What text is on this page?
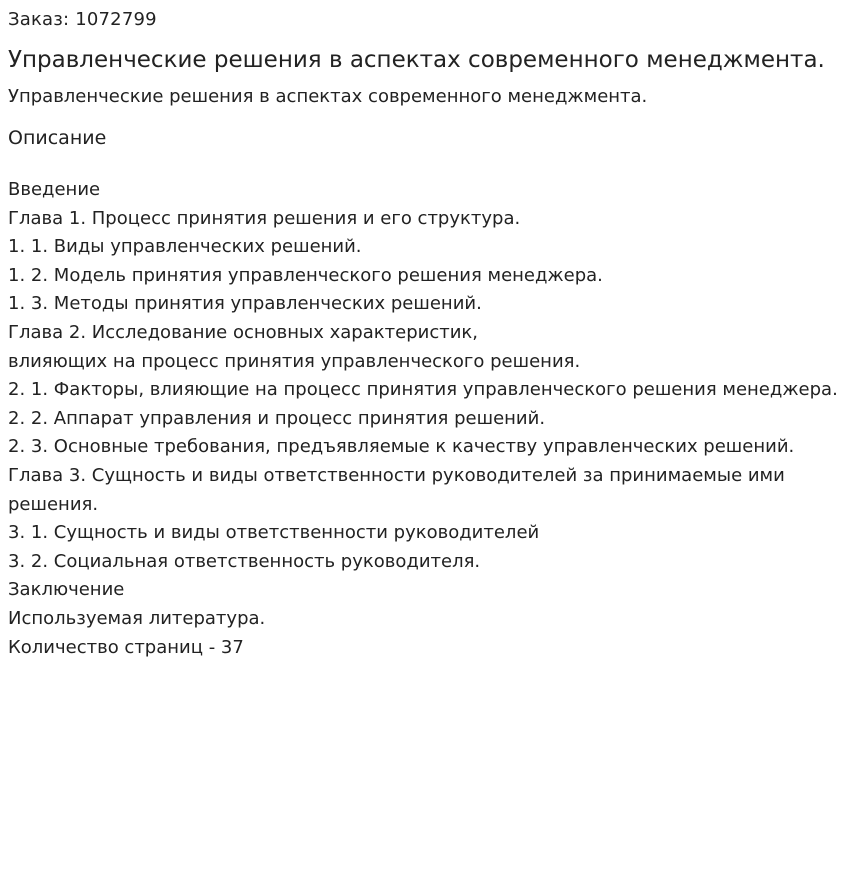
Заказ: 1072799
Управленческие решения в аспектах современного менеджмента.
Управленческие решения в аспектах современного менеджмента.
Описание
Введение
Глава 1. Процесс принятия решения и его структура.
1. 1. Виды управленческих решений.
1. 2. Модель принятия управленческого решения менеджера.
1. 3. Методы принятия управленческих решений.
Глава 2. Исследование основных характеристик,
влияющих на процесс принятия управленческого решения.
2. 1. Факторы, влияющие на процесс принятия управленческого решения менеджера.
2. 2. Аппарат управления и процесс принятия решений.
2. 3. Основные требования, предъявляемые к качеству управленческих решений.
Глава 3. Сущность и виды ответственности руководителей за принимаемые ими решения.
3. 1. Сущность и виды ответственности руководителей
3. 2. Социальная ответственность руководителя.
Заключение
Используемая литература.
Количество страниц - 37
